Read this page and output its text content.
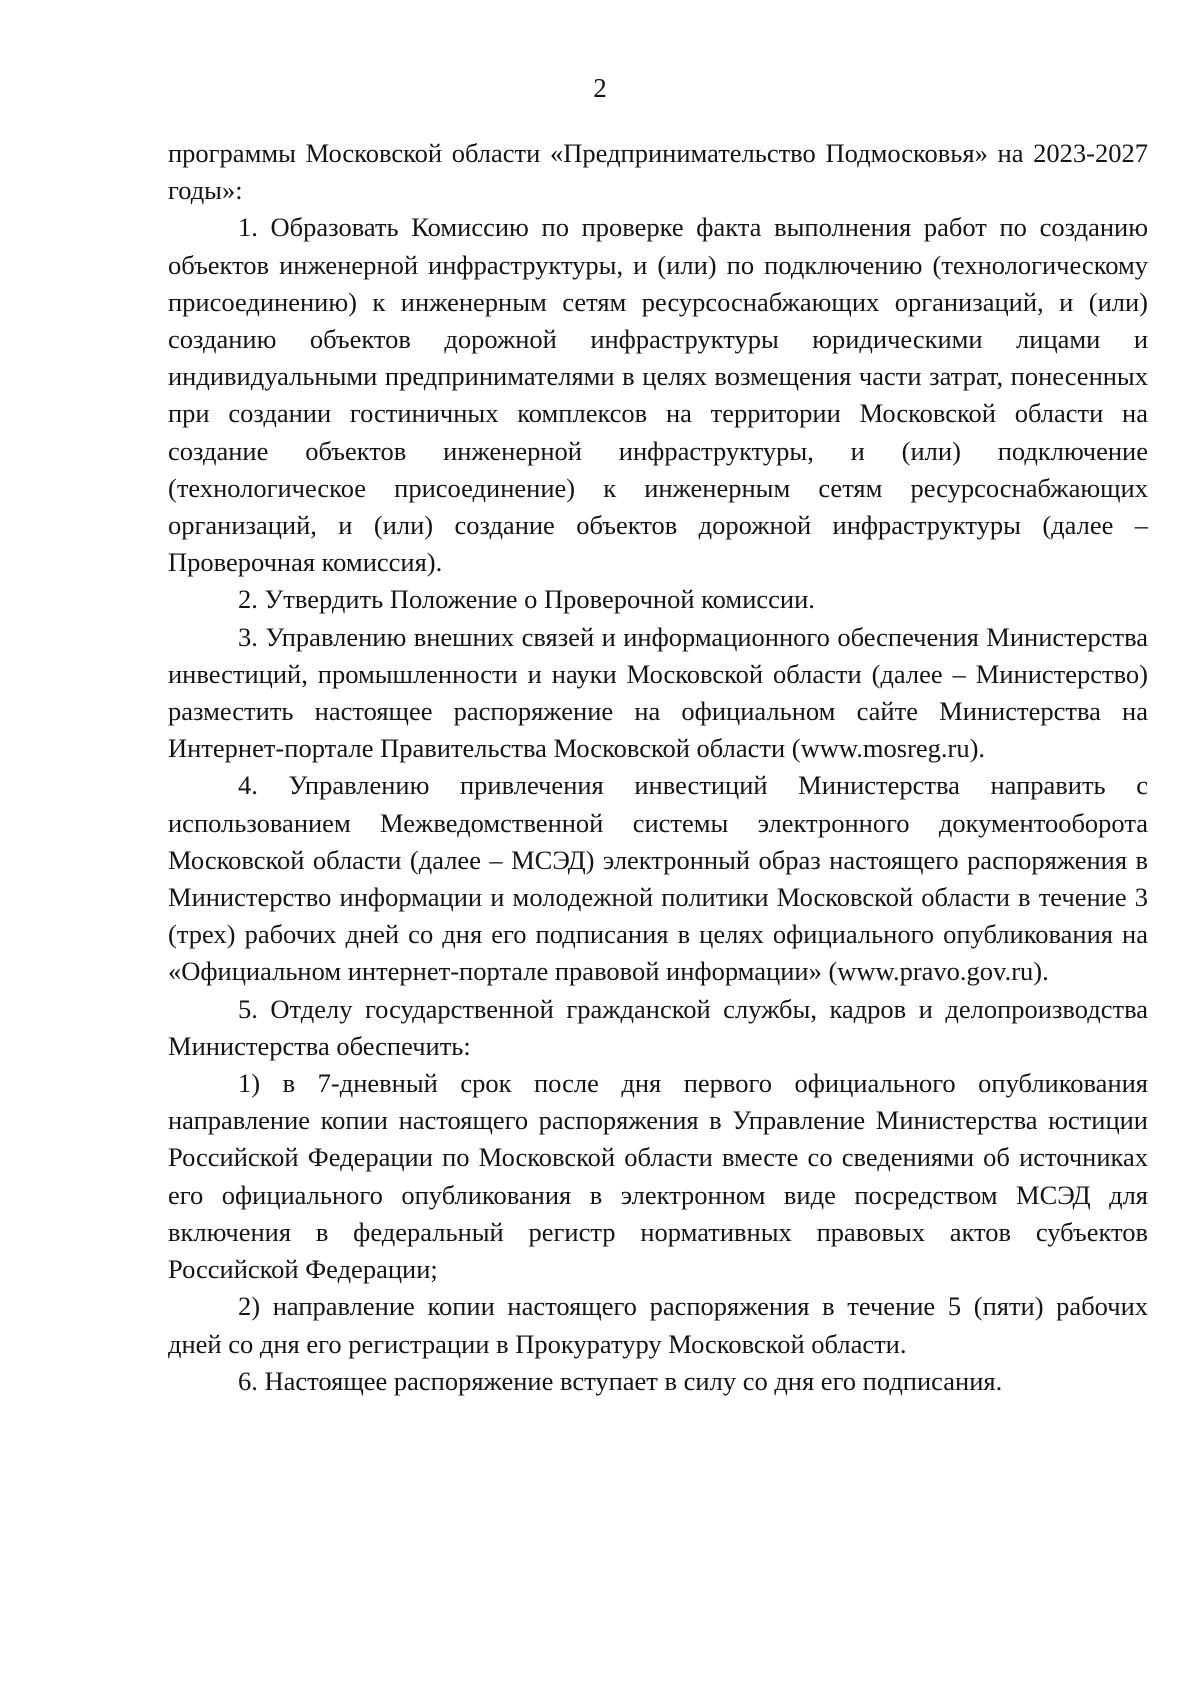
2

программы Московской области «Предпринимательство Подмосковья» на 2023-2027 годы»:

1. Образовать Комиссию по проверке факта выполнения работ по созданию объектов инженерной инфраструктуры, и (или) по подключению (технологическому присоединению) к инженерным сетям ресурсоснабжающих организаций, и (или) созданию объектов дорожной инфраструктуры юридическими лицами и индивидуальными предпринимателями в целях возмещения части затрат, понесенных при создании гостиничных комплексов на территории Московской области на создание объектов инженерной инфраструктуры, и (или) подключение (технологическое присоединение) к инженерным сетям ресурсоснабжающих организаций, и (или) создание объектов дорожной инфраструктуры (далее – Проверочная комиссия).

2. Утвердить Положение о Проверочной комиссии.

3. Управлению внешних связей и информационного обеспечения Министерства инвестиций, промышленности и науки Московской области (далее – Министерство) разместить настоящее распоряжение на официальном сайте Министерства на Интернет-портале Правительства Московской области (www.mosreg.ru).

4. Управлению привлечения инвестиций Министерства направить с использованием Межведомственной системы электронного документооборота Московской области (далее – МСЭД) электронный образ настоящего распоряжения в Министерство информации и молодежной политики Московской области в течение 3 (трех) рабочих дней со дня его подписания в целях официального опубликования на «Официальном интернет-портале правовой информации» (www.pravo.gov.ru).

5. Отделу государственной гражданской службы, кадров и делопроизводства Министерства обеспечить:

1) в 7-дневный срок после дня первого официального опубликования направление копии настоящего распоряжения в Управление Министерства юстиции Российской Федерации по Московской области вместе со сведениями об источниках его официального опубликования в электронном виде посредством МСЭД для включения в федеральный регистр нормативных правовых актов субъектов Российской Федерации;

2) направление копии настоящего распоряжения в течение 5 (пяти) рабочих дней со дня его регистрации в Прокуратуру Московской области.

6. Настоящее распоряжение вступает в силу со дня его подписания.
